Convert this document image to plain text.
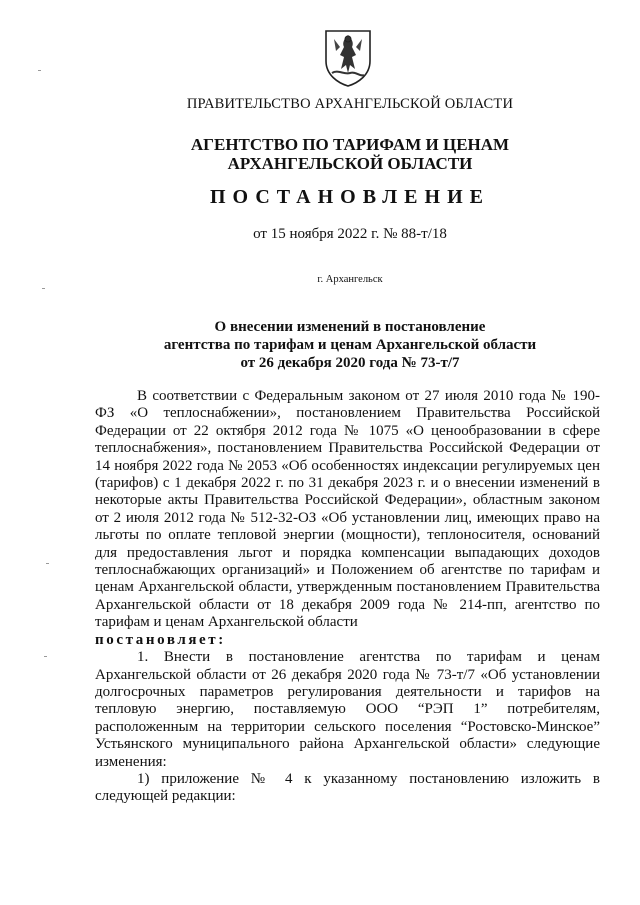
ПРАВИТЕЛЬСТВО АРХАНГЕЛЬСКОЙ ОБЛАСТИ
АГЕНТСТВО ПО ТАРИФАМ И ЦЕНАМ
АРХАНГЕЛЬСКОЙ ОБЛАСТИ
ПОСТАНОВЛЕНИЕ
от 15 ноября 2022 г. № 88-т/18
г. Архангельск
О внесении изменений в постановление
агентства по тарифам и ценам Архангельской области
от 26 декабря 2020 года № 73-т/7

В соответствии с Федеральным законом от 27 июля 2010 года № 190-ФЗ «О теплоснабжении», постановлением Правительства Российской Федерации от 22 октября 2012 года № 1075 «О ценообразовании в сфере теплоснабжения», постановлением Правительства Российской Федерации от 14 ноября 2022 года № 2053 «Об особенностях индексации регулируемых цен (тарифов) с 1 декабря 2022 г. по 31 декабря 2023 г. и о внесении изменений в некоторые акты Правительства Российской Федерации», областным законом от 2 июля 2012 года № 512-32-ОЗ «Об установлении лиц, имеющих право на льготы по оплате тепловой энергии (мощности), теплоносителя, оснований для предоставления льгот и порядка компенсации выпадающих доходов теплоснабжающих организаций» и Положением об агентстве по тарифам и ценам Архангельской области, утвержденным постановлением Правительства Архангельской области от 18 декабря 2009 года № 214-пп, агентство по тарифам и ценам Архангельской области

постановляет:

1. Внести в постановление агентства по тарифам и ценам Архангельской области от 26 декабря 2020 года № 73-т/7 «Об установлении долгосрочных параметров регулирования деятельности и тарифов на тепловую энергию, поставляемую ООО “РЭП 1” потребителям, расположенным на территории сельского поселения “Ростовско-Минское” Устьянского муниципального района Архангельской области» следующие изменения:

1) приложение № 4 к указанному постановлению изложить в следующей редакции:
